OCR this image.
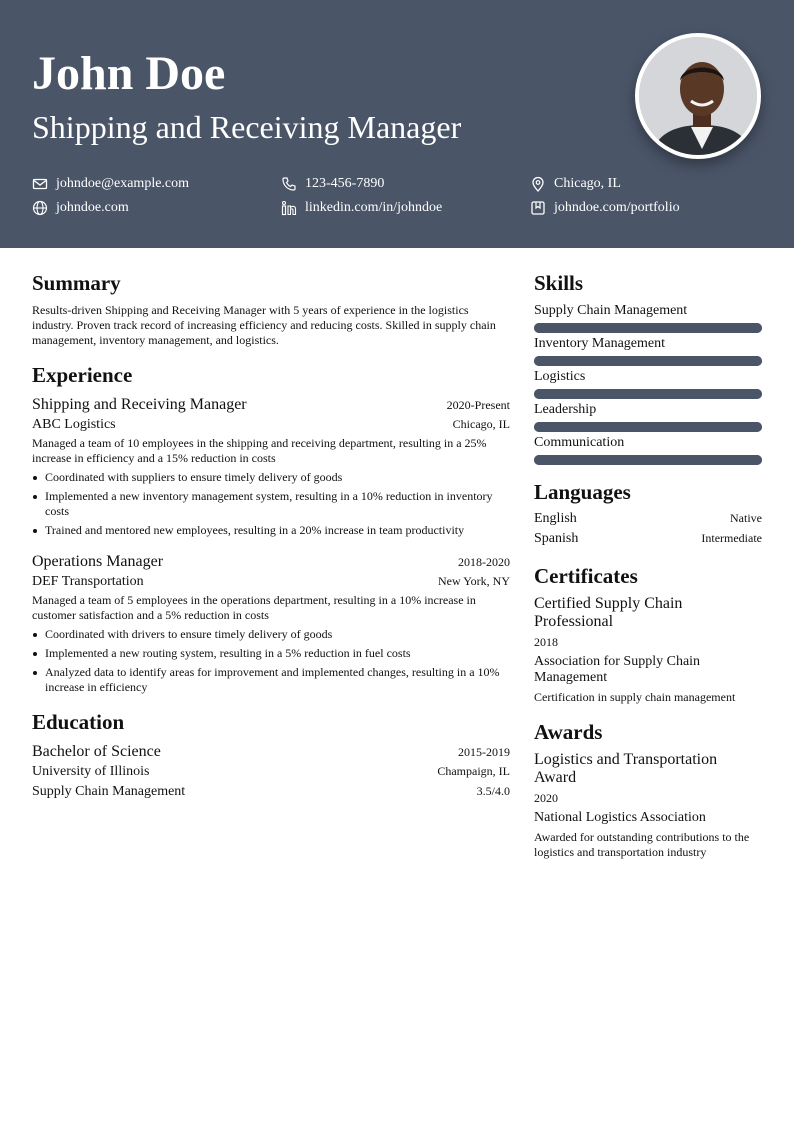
John Doe
Shipping and Receiving Manager
johndoe@example.com	123-456-7890	Chicago, IL
johndoe.com	linkedin.com/in/johndoe	johndoe.com/portfolio
Summary

Results-driven Shipping and Receiving Manager with 5 years of experience in the logistics industry. Proven track record of increasing efficiency and reducing costs. Skilled in supply chain management, inventory management, and logistics.

Experience
Shipping and Receiving Manager	2020-Present
ABC Logistics	Chicago, IL

Managed a team of 10 employees in the shipping and receiving department, resulting in a 25% increase in efficiency and a 15% reduction in costs

Coordinated with suppliers to ensure timely delivery of goods
Implemented a new inventory management system, resulting in a 10% reduction in inventory costs
Trained and mentored new employees, resulting in a 20% increase in team productivity
Operations Manager	2018-2020
DEF Transportation	New York, NY

Managed a team of 5 employees in the operations department, resulting in a 10% increase in customer satisfaction and a 5% reduction in costs

Coordinated with drivers to ensure timely delivery of goods
Implemented a new routing system, resulting in a 5% reduction in fuel costs
Analyzed data to identify areas for improvement and implemented changes, resulting in a 10% increase in efficiency
Education
Bachelor of Science	2015-2019
University of Illinois	Champaign, IL
Supply Chain Management	3.5/4.0
Skills
Supply Chain Management
Inventory Management
Logistics
Leadership
Communication
Languages
English	Native
Spanish	Intermediate
Certificates
Certified Supply Chain Professional
2018
Association for Supply Chain Management
Certification in supply chain management
Awards
Logistics and Transportation Award
2020
National Logistics Association
Awarded for outstanding contributions to the logistics and transportation industry
